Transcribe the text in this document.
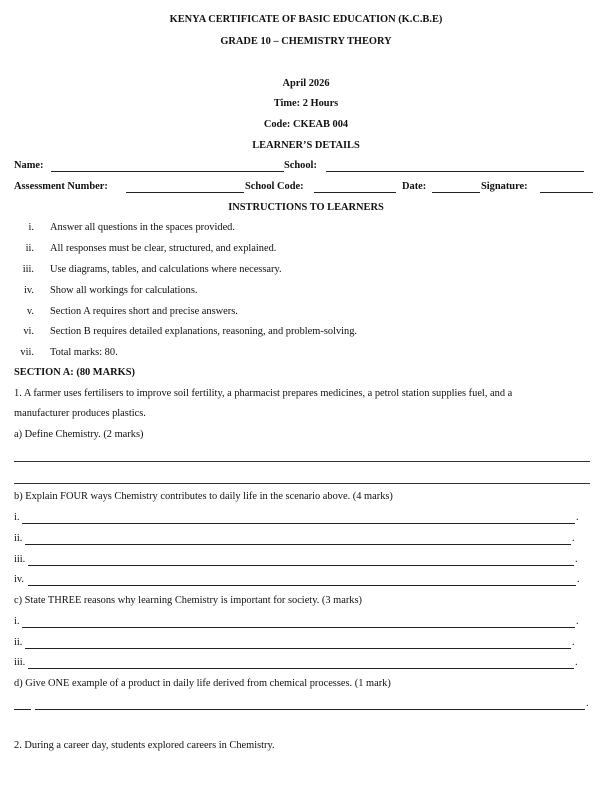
KENYA CERTIFICATE OF BASIC EDUCATION (K.C.B.E)
GRADE 10 – CHEMISTRY THEORY
April 2026
Time: 2 Hours
Code: CKEAB 004
LEARNER’S DETAILS
Name:	School:
Assessment Number:	School Code:	Date:	Signature:
INSTRUCTIONS TO LEARNERS
i. Answer all questions in the spaces provided.
ii. All responses must be clear, structured, and explained.
iii. Use diagrams, tables, and calculations where necessary.
iv. Show all workings for calculations.
v. Section A requires short and precise answers.
vi. Section B requires detailed explanations, reasoning, and problem-solving.
vii. Total marks: 80.
SECTION A: (80 MARKS)
1. A farmer uses fertilisers to improve soil fertility, a pharmacist prepares medicines, a petrol station supplies fuel, and a
manufacturer produces plastics.
a) Define Chemistry. (2 marks)
b) Explain FOUR ways Chemistry contributes to daily life in the scenario above. (4 marks)
i.	.
ii.	.
iii.	.
iv.	.
c) State THREE reasons why learning Chemistry is important for society. (3 marks)
i.	.
ii.	.
iii.	.
d) Give ONE example of a product in daily life derived from chemical processes. (1 mark)
.
2. During a career day, students explored careers in Chemistry.
